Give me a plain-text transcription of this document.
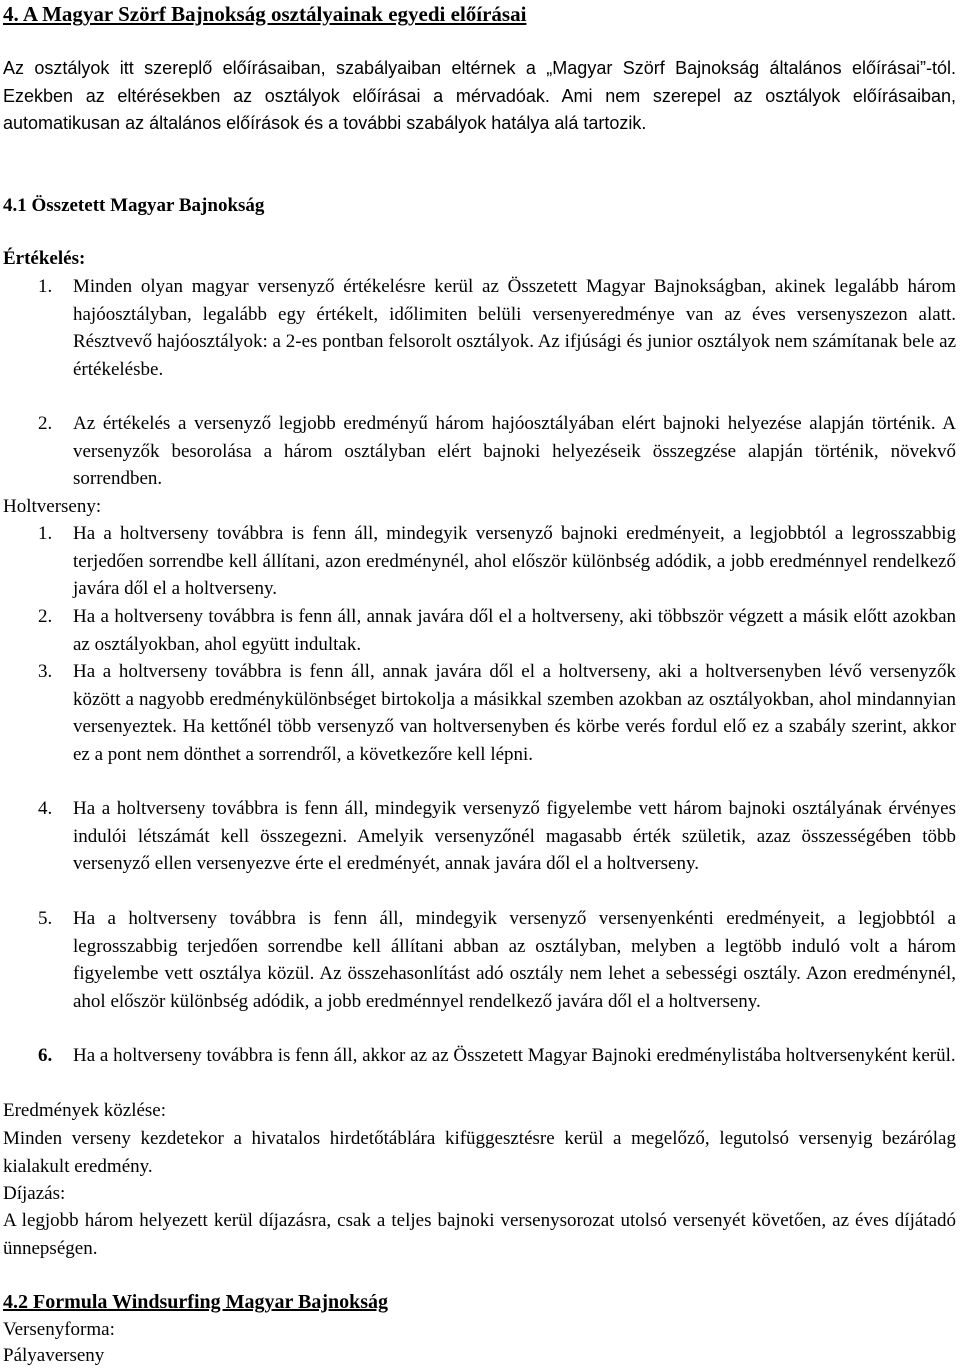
4. A Magyar Szörf Bajnokság osztályainak egyedi előírásai
Az osztályok itt szereplő előírásaiban, szabályaiban eltérnek a „Magyar Szörf Bajnokság általános előírásai”-tól. Ezekben az eltérésekben az osztályok előírásai a mérvadóak. Ami nem szerepel az osztályok előírásaiban, automatikusan az általános előírások és a további szabályok hatálya alá tartozik.
4.1 Összetett Magyar Bajnokság
Értékelés:
1. Minden olyan magyar versenyző értékelésre kerül az Összetett Magyar Bajnokságban, akinek legalább három hajóosztályban, legalább egy értékelt, időlimiten belüli versenyeredménye van az éves versenyszezon alatt. Résztvevő hajóosztályok: a 2-es pontban felsorolt osztályok. Az ifjúsági és junior osztályok nem számítanak bele az értékelésbe.
2. Az értékelés a versenyző legjobb eredményű három hajóosztályában elért bajnoki helyezése alapján történik. A versenyzők besorolása a három osztályban elért bajnoki helyezéseik összegzése alapján történik, növekvő sorrendben.
Holtverseny:
1. Ha a holtverseny továbbra is fenn áll, mindegyik versenyző bajnoki eredményeit, a legjobbtól a legrosszabbig terjedően sorrendbe kell állítani, azon eredménynél, ahol először különbség adódik, a jobb eredménnyel rendelkező javára dől el a holtverseny.
2. Ha a holtverseny továbbra is fenn áll, annak javára dől el a holtverseny, aki többször végzett a másik előtt azokban az osztályokban, ahol együtt indultak.
3. Ha a holtverseny továbbra is fenn áll, annak javára dől el a holtverseny, aki a holtversenyben lévő versenyzők között a nagyobb eredménykülönbséget birtokolja a másikkal szemben azokban az osztályokban, ahol mindannyian versenyeztek. Ha kettőnél több versenyző van holtversenyben és körbe verés fordul elő ez a szabály szerint, akkor ez a pont nem dönthet a sorrendről, a következőre kell lépni.
4. Ha a holtverseny továbbra is fenn áll, mindegyik versenyző figyelembe vett három bajnoki osztályának érvényes indulói létszámát kell összegezni. Amelyik versenyzőnél magasabb érték születik, azaz összességében több versenyző ellen versenyezve érte el eredményét, annak javára dől el a holtverseny.
5. Ha a holtverseny továbbra is fenn áll, mindegyik versenyző versenyenkénti eredményeit, a legjobbtól a legrosszabbig terjedően sorrendbe kell állítani abban az osztályban, melyben a legtöbb induló volt a három figyelembe vett osztálya közül. Az összehasonlítást adó osztály nem lehet a sebességi osztály. Azon eredménynél, ahol először különbség adódik, a jobb eredménnyel rendelkező javára dől el a holtverseny.
6. Ha a holtverseny továbbra is fenn áll, akkor az az Összetett Magyar Bajnoki eredménylistába holtversenyként kerül.
Eredmények közlése:
Minden verseny kezdetekor a hivatalos hirdetőtáblára kifüggesztésre kerül a megelőző, legutolsó versenyig bezárólag kialakult eredmény.
Díjazás:
A legjobb három helyezett kerül díjazásra, csak a teljes bajnoki versenysorozat utolsó versenyét követően, az éves díjátadó ünnepségen.
4.2 Formula Windsurfing Magyar Bajnokság
Versenyforma:
Pályaverseny
